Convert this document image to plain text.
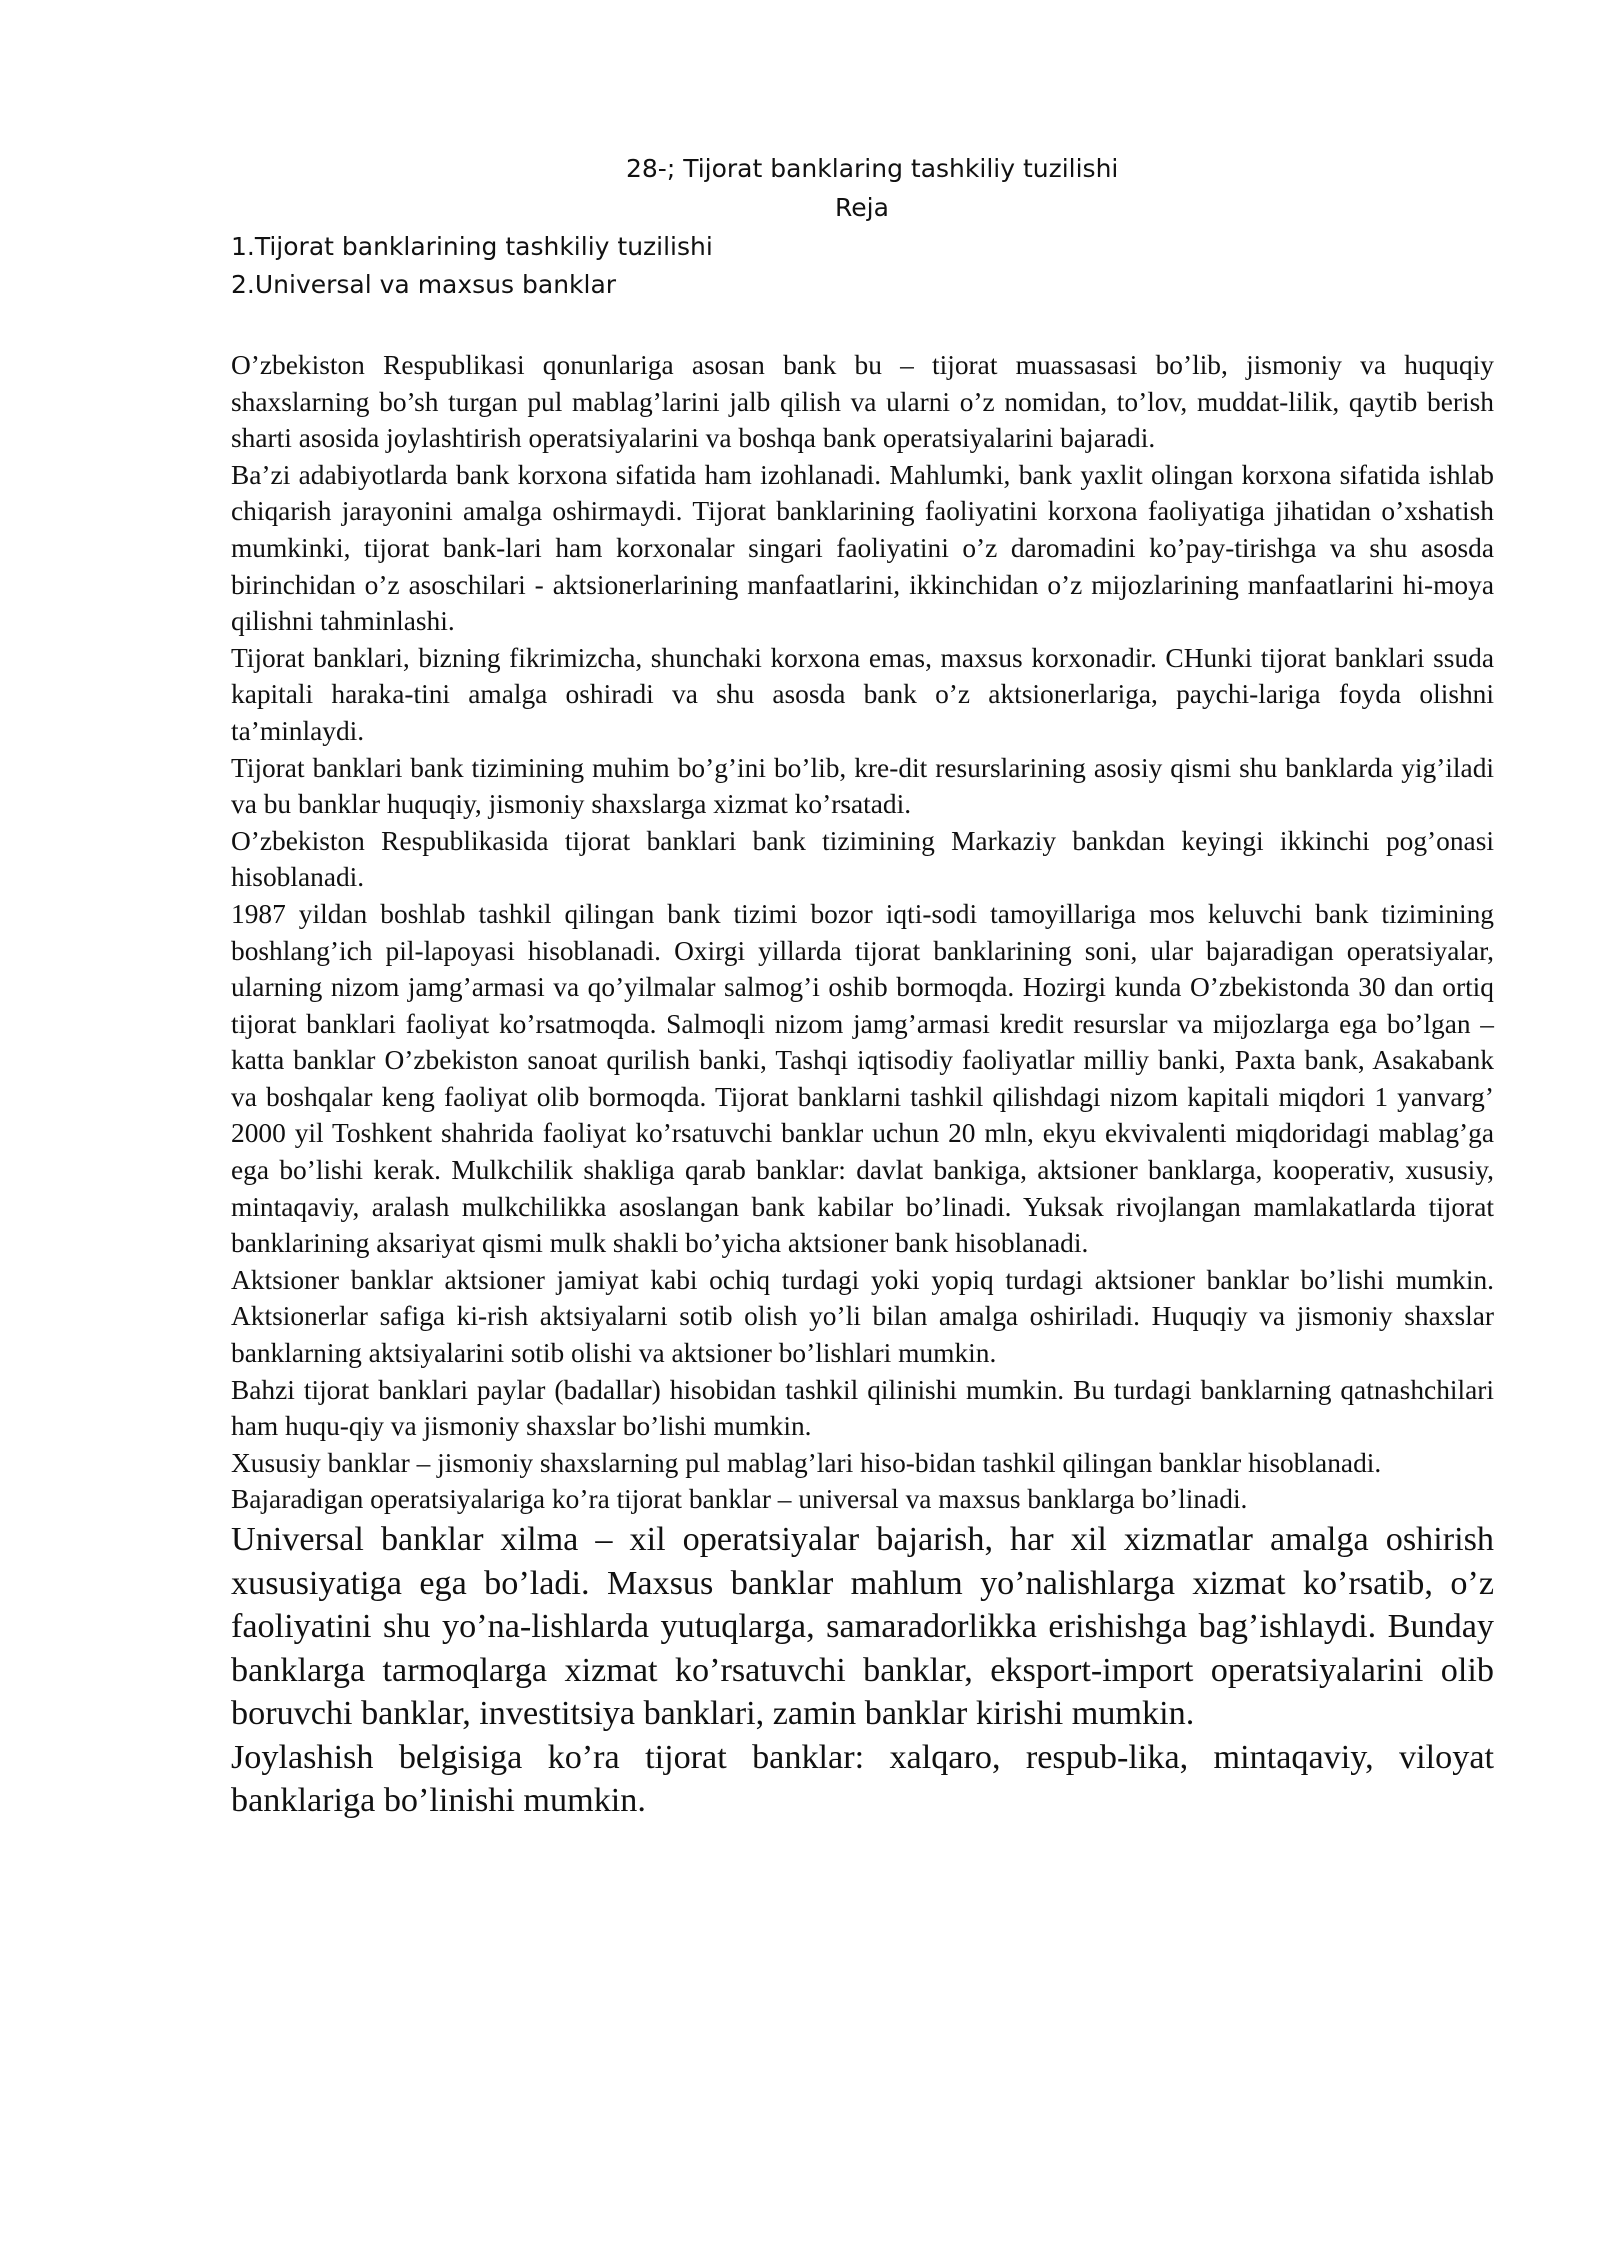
28-; Tijorat banklaring tashkiliy tuzilishi
Reja
1.Tijorat banklarining tashkiliy tuzilishi
2.Universal va maxsus banklar

O’zbekiston Respublikasi qonunlariga asosan bank bu – tijorat muassasasi bo’lib, jismoniy va huquqiy shaxslarning bo’sh turgan pul mablag’larini jalb qilish va ularni o’z nomidan, to’lov, muddat-lilik, qaytib berish sharti asosida joylashtirish operatsiyalarini va boshqa bank operatsiyalarini bajaradi.

Ba’zi adabiyotlarda bank korxona sifatida ham izohlanadi. Mahlumki, bank yaxlit olingan korxona sifatida ishlab chiqarish jarayonini amalga oshirmaydi. Tijorat banklarining faoliyatini korxona faoliyatiga jihatidan o’xshatish mumkinki, tijorat bank-lari ham korxonalar singari faoliyatini o’z daromadini ko’pay-tirishga va shu asosda birinchidan o’z asoschilari - aktsionerlarining manfaatlarini, ikkinchidan o’z mijozlarining manfaatlarini hi-moya qilishni tahminlashi.

Tijorat banklari, bizning fikrimizcha, shunchaki korxona emas, maxsus korxonadir. CHunki tijorat banklari ssuda kapitali haraka-tini amalga oshiradi va shu asosda bank o’z aktsionerlariga, paychi-lariga foyda olishni ta’minlaydi.

Tijorat banklari bank tizimining muhim bo’g’ini bo’lib, kre-dit resurslarining asosiy qismi shu banklarda yig’iladi va bu banklar huquqiy, jismoniy shaxslarga xizmat ko’rsatadi.

O’zbekiston Respublikasida tijorat banklari bank tizimining Markaziy bankdan keyingi ikkinchi pog’onasi hisoblanadi.

1987 yildan boshlab tashkil qilingan bank tizimi bozor iqti-sodi tamoyillariga mos keluvchi bank tizimining boshlang’ich pil-lapoyasi hisoblanadi. Oxirgi yillarda tijorat banklarining soni, ular bajaradigan operatsiyalar, ularning nizom jamg’armasi va qo’yilmalar salmog’i oshib bormoqda. Hozirgi kunda O’zbekistonda 30 dan ortiq tijorat banklari faoliyat ko’rsatmoqda. Salmoqli nizom jamg’armasi kredit resurslar va mijozlarga ega bo’lgan – katta banklar O’zbekiston sanoat qurilish banki, Tashqi iqtisodiy faoliyatlar milliy banki, Paxta bank, Asakabank va boshqalar keng faoliyat olib bormoqda. Tijorat banklarni tashkil qilishdagi nizom kapitali miqdori 1 yanvarg’ 2000 yil Toshkent shahrida faoliyat ko’rsatuvchi banklar uchun 20 mln, ekyu ekvivalenti miqdoridagi mablag’ga ega bo’lishi kerak. Mulkchilik shakliga qarab banklar: davlat bankiga, aktsioner banklarga, kooperativ, xususiy, mintaqaviy, aralash mulkchilikka asoslangan bank kabilar bo’linadi. Yuksak rivojlangan mamlakatlarda tijorat banklarining aksariyat qismi mulk shakli bo’yicha aktsioner bank hisoblanadi.

Aktsioner banklar aktsioner jamiyat kabi ochiq turdagi yoki yopiq turdagi aktsioner banklar bo’lishi mumkin. Aktsionerlar safiga ki-rish aktsiyalarni sotib olish yo’li bilan amalga oshiriladi. Huquqiy va jismoniy shaxslar banklarning aktsiyalarini sotib olishi va aktsioner bo’lishlari mumkin.

Bahzi tijorat banklari paylar (badallar) hisobidan tashkil qilinishi mumkin. Bu turdagi banklarning qatnashchilari ham huqu-qiy va jismoniy shaxslar bo’lishi mumkin.

Xususiy banklar – jismoniy shaxslarning pul mablag’lari hiso-bidan tashkil qilingan banklar hisoblanadi.

Bajaradigan operatsiyalariga ko’ra tijorat banklar – universal va maxsus banklarga bo’linadi.

Universal banklar xilma – xil operatsiyalar bajarish, har xil xizmatlar amalga oshirish xususiyatiga ega bo’ladi. Maxsus banklar mahlum yo’nalishlarga xizmat ko’rsatib, o’z faoliyatini shu yo’na-lishlarda yutuqlarga, samaradorlikka erishishga bag’ishlaydi. Bunday banklarga tarmoqlarga xizmat ko’rsatuvchi banklar, eksport-import operatsiyalarini olib boruvchi banklar, investitsiya banklari, zamin banklar kirishi mumkin.

Joylashish belgisiga ko’ra tijorat banklar: xalqaro, respub-lika, mintaqaviy, viloyat banklariga bo’linishi mumkin.
